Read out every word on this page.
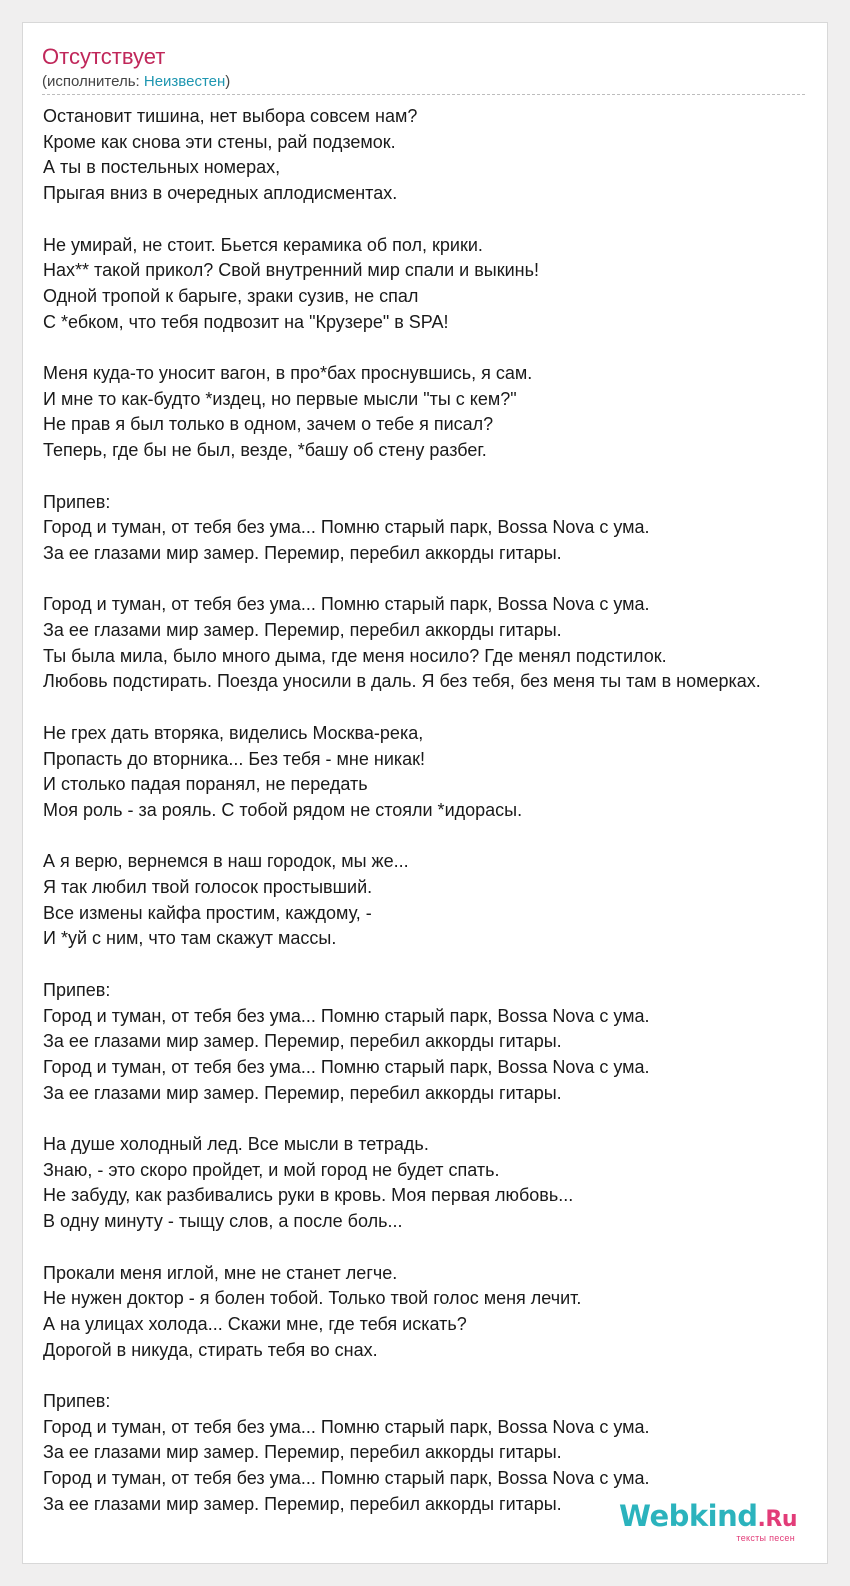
Отсутствует
(исполнитель: Неизвестен)
Остановит тишина, нет выбора совсем нам?
Кроме как снова эти стены, рай подземок.
А ты в постельных номерах,
Прыгая вниз в очередных аплодисментах.
Не умирай, не стоит. Бьется керамика об пол, крики.
Нах** такой прикол? Свой внутренний мир спали и выкинь!
Одной тропой к барыге, зраки сузив, не спал
С *ебком, что тебя подвозит на "Крузере" в SPA!
Меня куда-то уносит вагон, в про*бах проснувшись, я сам.
И мне то как-будто *издец, но первые мысли "ты с кем?"
Не прав я был только в одном, зачем о тебе я писал?
Теперь, где бы не был, везде, *башу об стену разбег.
Припев:
Город и туман, от тебя без ума... Помню старый парк, Bossa Nova с ума.
За ее глазами мир замер. Перемир, перебил аккорды гитары.
Город и туман, от тебя без ума... Помню старый парк, Bossa Nova с ума.
За ее глазами мир замер. Перемир, перебил аккорды гитары.
Ты была мила, было много дыма, где меня носило? Где менял подстилок.
Любовь подстирать. Поезда уносили в даль. Я без тебя, без меня ты там в номерках.
Не грех дать вторяка, виделись Москва-река,
Пропасть до вторника... Без тебя - мне никак!
И столько падая поранял, не передать
Моя роль - за рояль. С тобой рядом не стояли *идорасы.
А я верю, вернемся в наш городок, мы же...
Я так любил твой голосок простывший.
Все измены кайфа простим, каждому, -
И *уй с ним, что там скажут массы.
Припев:
Город и туман, от тебя без ума... Помню старый парк, Bossa Nova с ума.
За ее глазами мир замер. Перемир, перебил аккорды гитары.
Город и туман, от тебя без ума... Помню старый парк, Bossa Nova с ума.
За ее глазами мир замер. Перемир, перебил аккорды гитары.
На душе холодный лед. Все мысли в тетрадь.
Знаю, - это скоро пройдет, и мой город не будет спать.
Не забуду, как разбивались руки в кровь. Моя первая любовь...
В одну минуту - тыщу слов, а после боль...
Прокали меня иглой, мне не станет легче.
Не нужен доктор - я болен тобой. Только твой голос меня лечит.
А на улицах холода... Скажи мне, где тебя искать?
Дорогой в никуда, стирать тебя во снах.
Припев:
Город и туман, от тебя без ума... Помню старый парк, Bossa Nova с ума.
За ее глазами мир замер. Перемир, перебил аккорды гитары.
Город и туман, от тебя без ума... Помню старый парк, Bossa Nova с ума.
За ее глазами мир замер. Перемир, перебил аккорды гитары.	Webkind.Ru
тексты песен
